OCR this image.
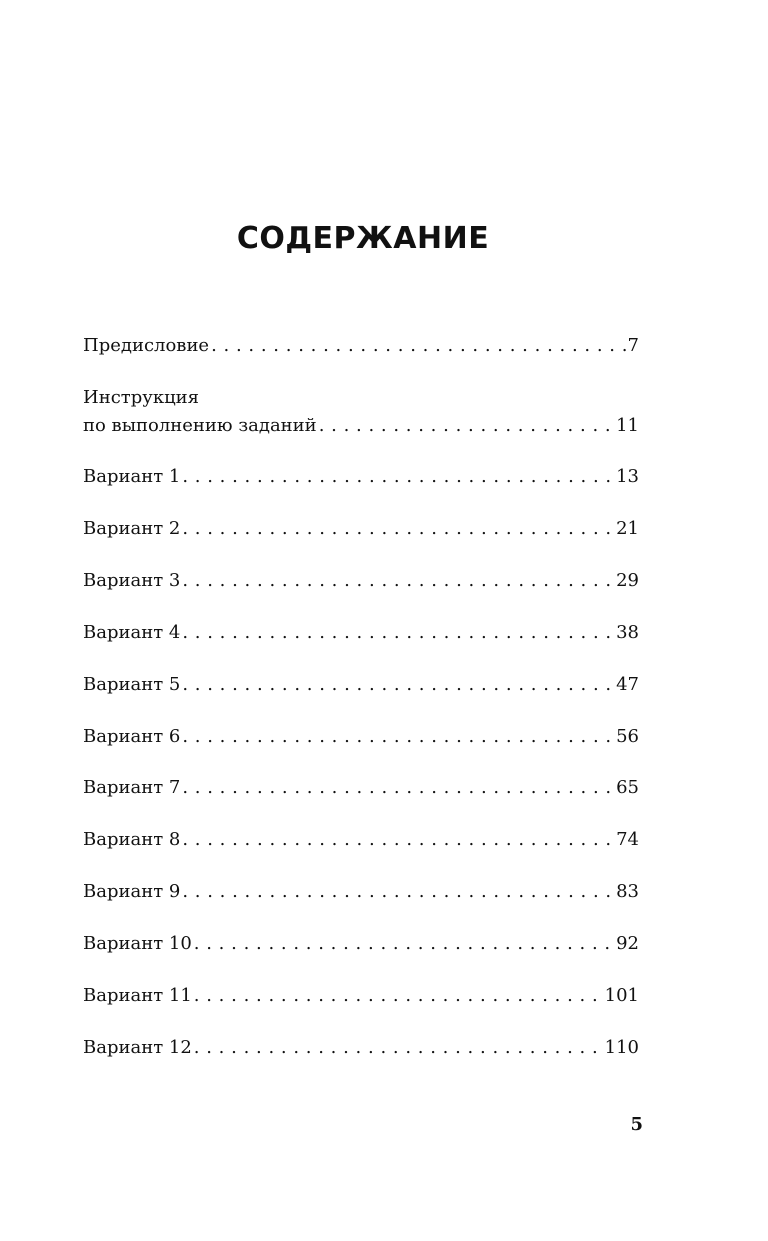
СОДЕРЖАНИЕ
Предисловие . . .	7
Инструкция
по выполнению заданий . . .	11
Вариант 1 . . .	13
Вариант 2 . . .	21
Вариант 3 . . .	29
Вариант 4 . . .	38
Вариант 5 . . .	47
Вариант 6 . . .	56
Вариант 7 . . .	65
Вариант 8 . . .	74
Вариант 9 . . .	83
Вариант 10 . . .	92
Вариант 11 . . .	101
Вариант 12 . . .	110
5
